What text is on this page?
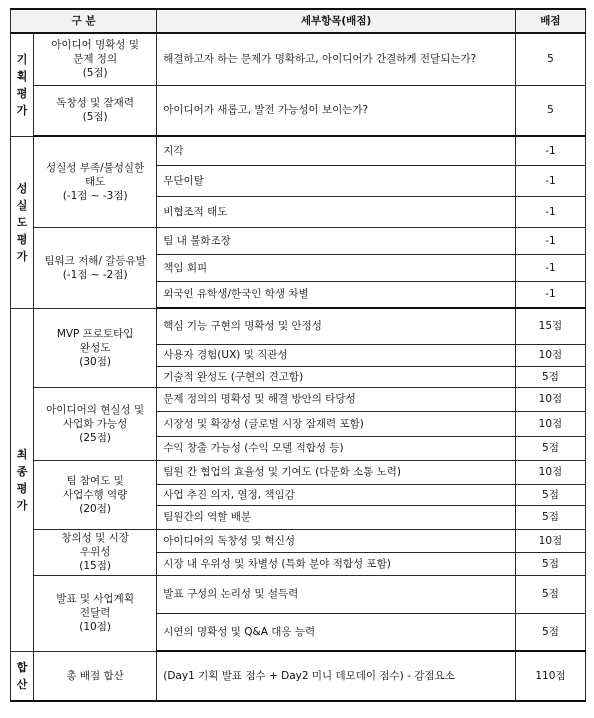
구 분		세부항목(배점)	배점

기
획
평
가	아이디어 명확성 및
문제 정의
(5점)	해결하고자 하는 문제가 명확하고, 아이디어가 간결하게 전달되는가?	5
	독창성 및 잠재력
(5점)	아이디어가 새롭고, 발전 가능성이 보이는가?	5

성
실
도
평
가	성실성 부족/불성실한
태도
(-1점 ~ -3점)	지각	-1
		무단이탈	-1
		비협조적 태도	-1
	팀워크 저해/ 갈등유발
(-1점 ~ -2점)	팀 내 불화조장	-1
		책임 회피	-1
		외국인 유학생/한국인 학생 차별	-1

최
종
평
가	MVP 프로토타입
완성도
(30점)	핵심 기능 구현의 명확성 및 안정성	15점
		사용자 경험(UX) 및 직관성	10점
		기술적 완성도 (구현의 견고함)	5점
	아이디어의 현실성 및
사업화 가능성
(25점)	문제 정의의 명확성 및 해결 방안의 타당성	10점
		시장성 및 확장성 (글로벌 시장 잠재력 포함)	10점
		수익 창출 가능성 (수익 모델 적합성 등)	5점
	팀 참여도 및
사업수행 역량
(20점)	팀원 간 협업의 효율성 및 기여도 (다문화 소통 노력)	10점
		사업 추진 의지, 열정, 책임감	5점
		팀원간의 역할 배분	5점
	창의성 및 시장
우위성
(15점)	아이디어의 독창성 및 혁신성	10점
		시장 내 우위성 및 차별성 (특화 분야 적합성 포함)	5점
	발표 및 사업계획
전달력
(10점)	발표 구성의 논리성 및 설득력	5점
		시연의 명확성 및 Q&A 대응 능력	5점

합
산	총 배점 합산	(Day1 기획 발표 점수 + Day2 미니 데모데이 점수) - 감점요소	110점
